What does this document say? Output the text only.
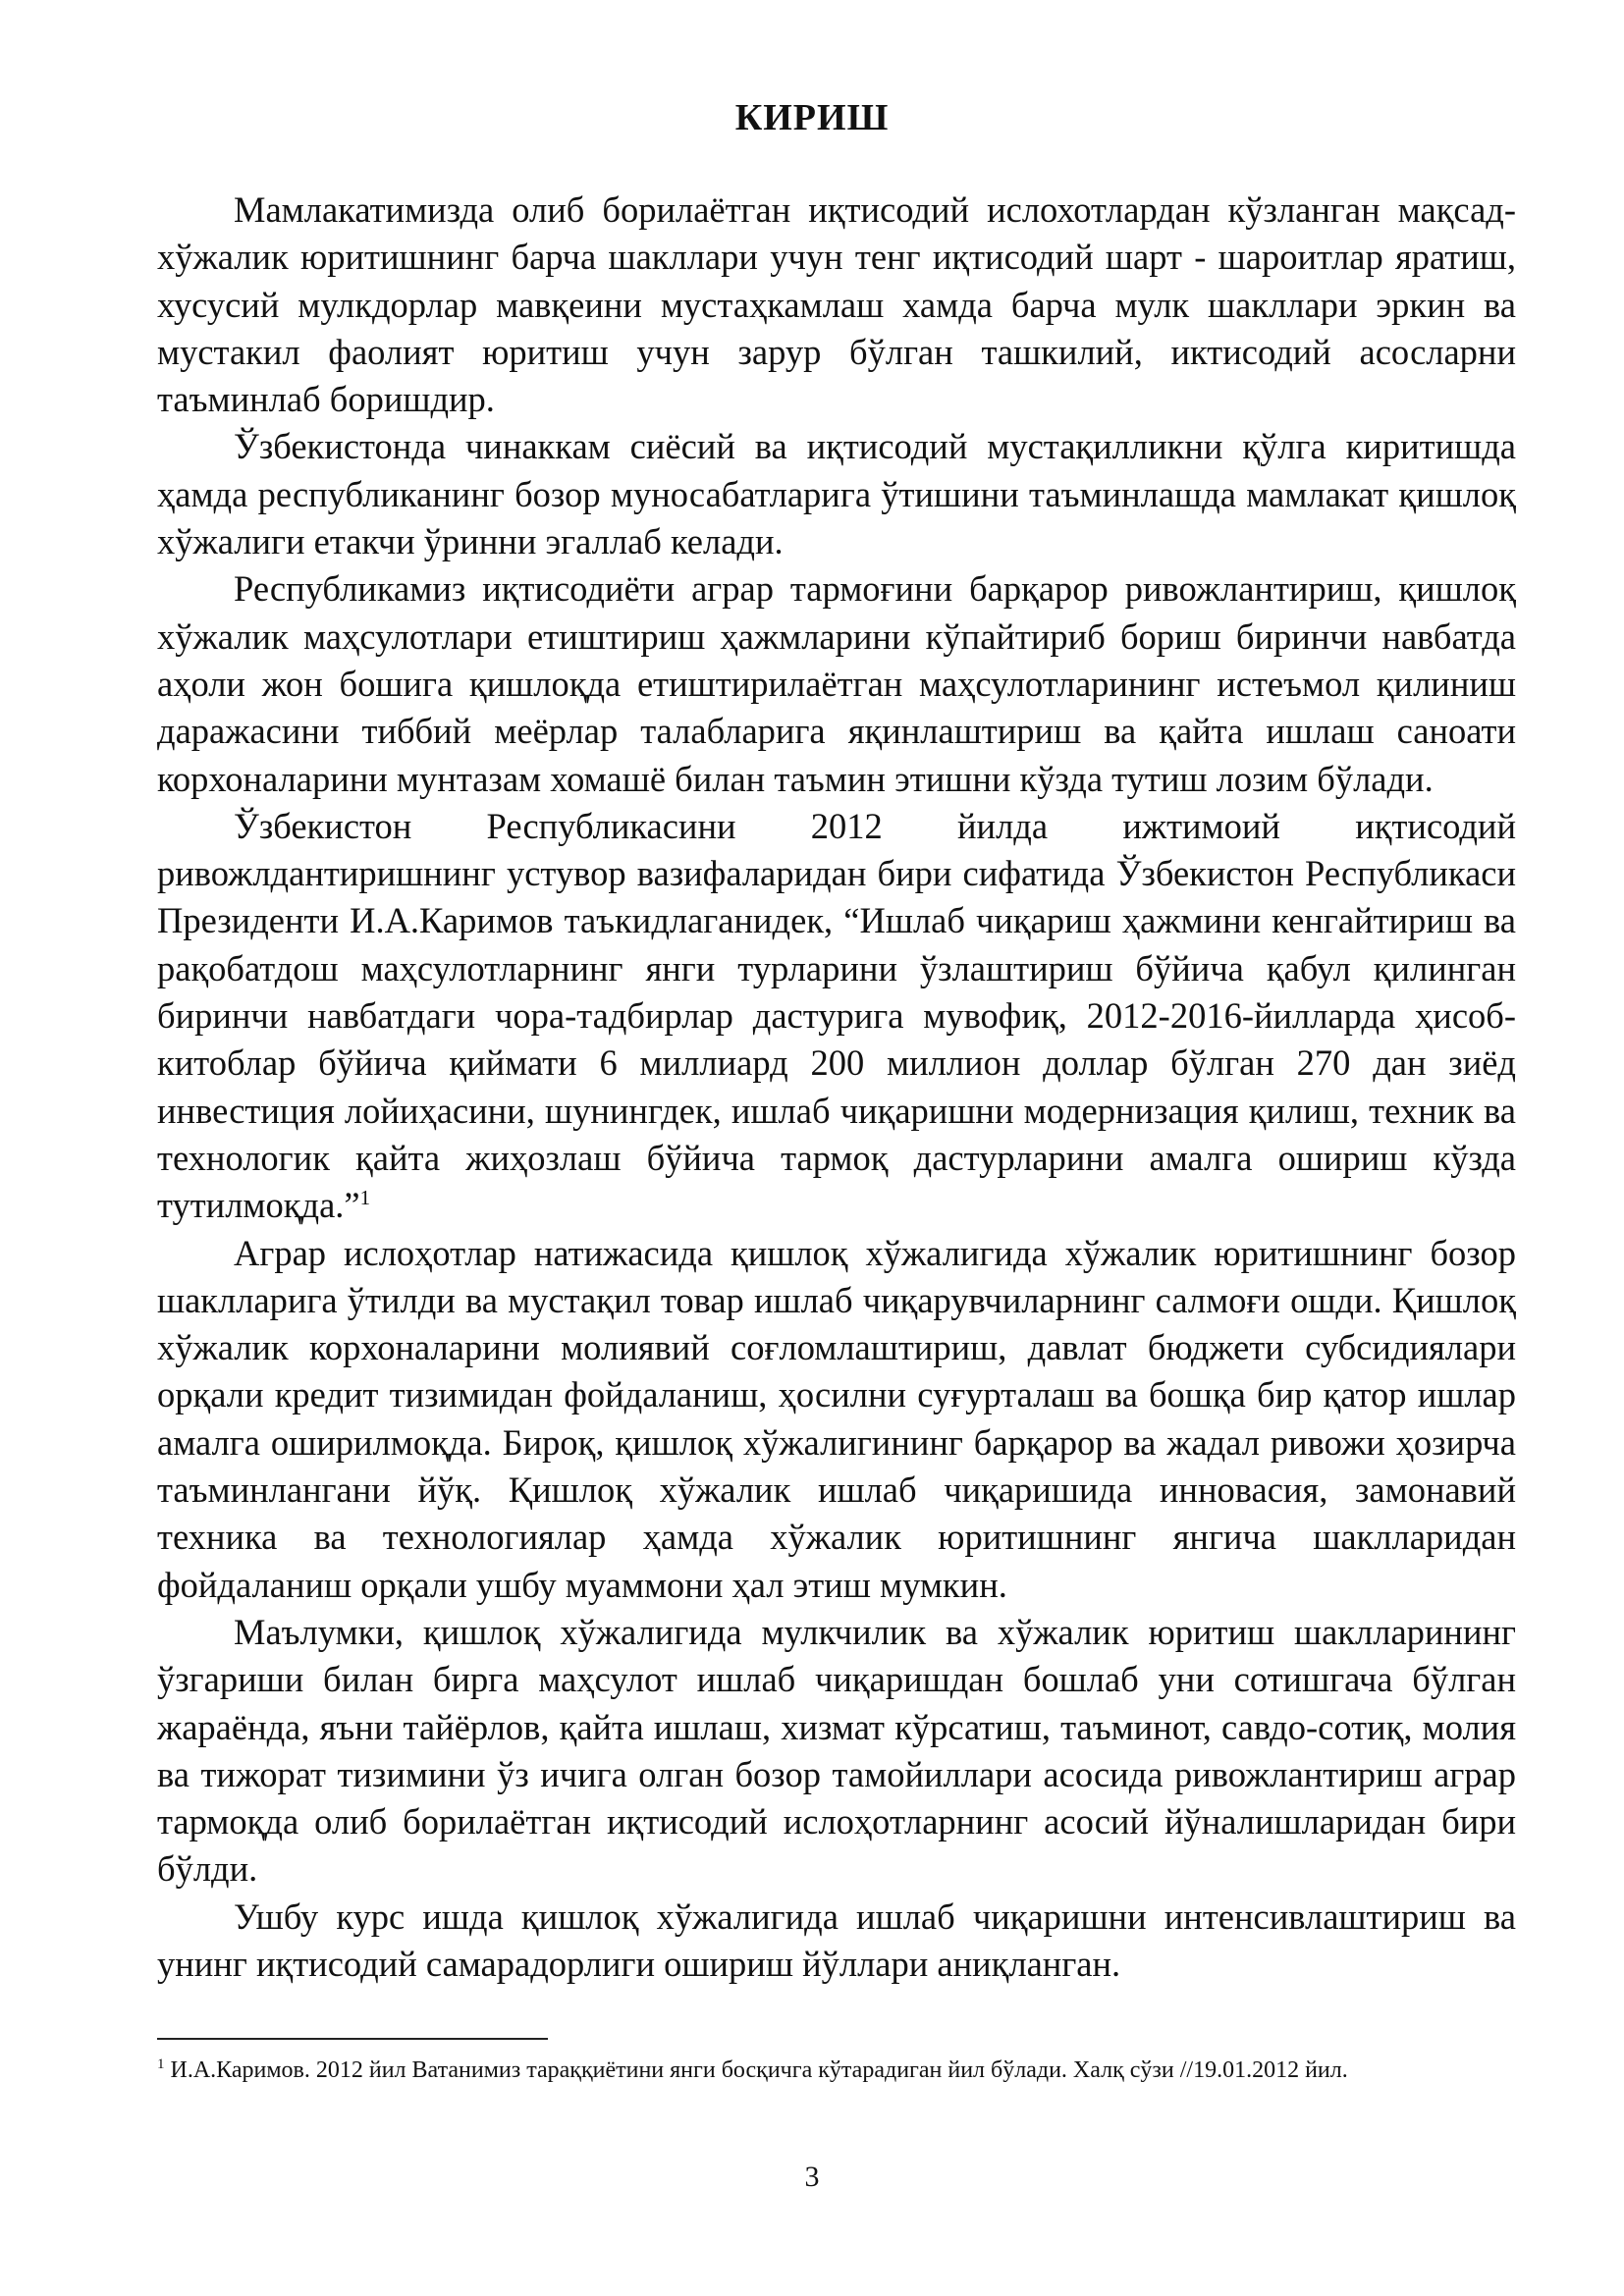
КИРИШ

Мамлакатимизда олиб борилаётган иқтисодий ислохотлардан кўзланган мақсад-хўжалик юритишнинг барча шакллари учун тенг иқтисодий шарт - шароитлар яратиш, хусусий мулкдорлар мавқеини мустаҳкамлаш хамда барча мулк шакллари эркин ва мустакил фаолият юритиш учун зарур бўлган ташкилий, иктисодий асосларни таъминлаб боришдир.

Ўзбекистонда чинаккам сиёсий ва иқтисодий мустақилликни қўлга киритишда ҳамда республиканинг бозор муносабатларига ўтишини таъминлашда мамлакат қишлоқ хўжалиги етакчи ўринни эгаллаб келади.

Республикамиз иқтисодиёти аграр тармоғини барқарор ривожлантириш, қишлоқ хўжалик маҳсулотлари етиштириш ҳажмларини кўпайтириб бориш биринчи навбатда аҳоли жон бошига қишлоқда етиштирилаётган маҳсулотларининг истеъмол қилиниш даражасини тиббий меёрлар талабларига яқинлаштириш ва қайта ишлаш саноати корхоналарини мунтазам хомашё билан таъмин этишни кўзда тутиш лозим бўлади.

Ўзбекистон Республикасини 2012 йилда ижтимоий иқтисодий ривожлдантиришнинг устувор вазифаларидан бири сифатида Ўзбекистон Республикаси Президенти И.А.Каримов таъкидлаганидек, “Ишлаб чиқариш ҳажмини кенгайтириш ва рақобатдош маҳсулотларнинг янги турларини ўзлаштириш бўйича қабул қилинган биринчи навбатдаги чора-тадбирлар дастурига мувофиқ, 2012-2016-йилларда ҳисоб-китоблар бўйича қиймати 6 миллиард 200 миллион доллар бўлган 270 дан зиёд инвестиция лойиҳасини, шунингдек, ишлаб чиқаришни модернизация қилиш, техник ва технологик қайта жиҳозлаш бўйича тармоқ дастурларини амалга ошириш кўзда тутилмоқда.”$^1$

Аграр ислоҳотлар натижасида қишлоқ хўжалигида хўжалик юритишнинг бозор шаклларига ўтилди ва мустақил товар ишлаб чиқарувчиларнинг салмоғи ошди. Қишлоқ хўжалик корхоналарини молиявий соғломлаштириш, давлат бюджети субсидиялари орқали кредит тизимидан фойдаланиш, ҳосилни суғурталаш ва бошқа бир қатор ишлар амалга оширилмоқда. Бироқ, қишлоқ хўжалигининг барқарор ва жадал ривожи ҳозирча таъминлангани йўқ. Қишлоқ хўжалик ишлаб чиқаришида инновасия, замонавий техника ва технологиялар ҳамда хўжалик юритишнинг янгича шаклларидан фойдаланиш орқали ушбу муаммони ҳал этиш мумкин.

Маълумки, қишлоқ хўжалигида мулкчилик ва хўжалик юритиш шаклларининг ўзгариши билан бирга маҳсулот ишлаб чиқаришдан бошлаб уни сотишгача бўлган жараёнда, яъни тайёрлов, қайта ишлаш, хизмат кўрсатиш, таъминот, савдо-сотиқ, молия ва тижорат тизимини ўз ичига олган бозор тамойиллари асосида ривожлантириш аграр тармоқда олиб борилаётган иқтисодий ислоҳотларнинг асосий йўналишларидан бири бўлди.

Ушбу курс ишда қишлоқ хўжалигида ишлаб чиқаришни интенсивлаштириш ва унинг иқтисодий самарадорлиги ошириш йўллари аниқланган.

$^1$ И.А.Каримов. 2012 йил Ватанимиз тараққиётини янги босқичга кўтарадиган йил бўлади. Халқ сўзи //19.01.2012 йил.

3
